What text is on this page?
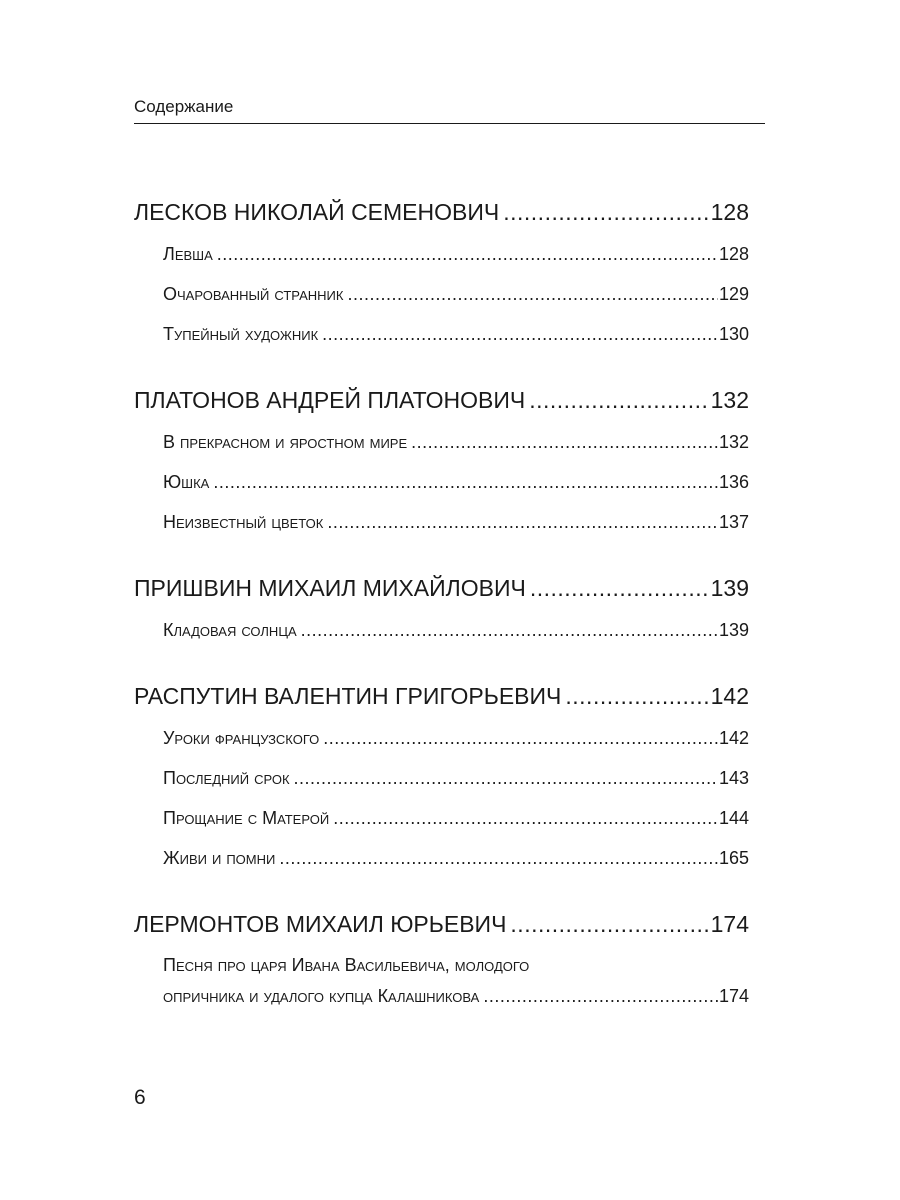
Содержание
ЛЕСКОВ НИКОЛАЙ СЕМЕНОВИЧ .....	128
Левша .....	128
Очарованный странник .....	129
Тупейный художник .....	130
ПЛАТОНОВ АНДРЕЙ ПЛАТОНОВИЧ .....	132
В прекрасном и яростном мире .....	132
Юшка .....	136
Неизвестный цветок .....	137
ПРИШВИН МИХАИЛ МИХАЙЛОВИЧ .....	139
Кладовая солнца .....	139
РАСПУТИН ВАЛЕНТИН ГРИГОРЬЕВИЧ .....	142
Уроки французского .....	142
Последний срок .....	143
Прощание с Матерой .....	144
Живи и помни .....	165
ЛЕРМОНТОВ МИХАИЛ ЮРЬЕВИЧ .....	174
Песня про царя Ивана Васильевича, молодого
опричника и удалого купца Калашникова .....	174
6
